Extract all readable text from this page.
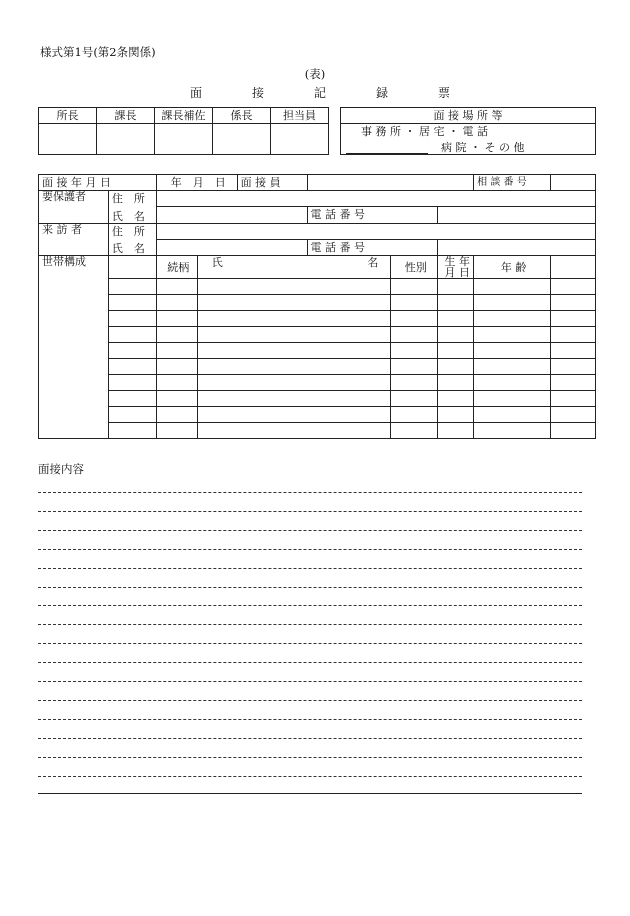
様式第1号(第2条関係)
(表)
面	接	記	録	票
所長	課長	課長補佐	係長	担当員
					面 接 場 所 等

事 務 所 ・ 居 宅 ・ 電 話
病 院 ・ そ の 他
面 接 年 月 日		年　月　日		面 接 員				相 談 番 号	
要保護者	住　所								
	氏　名				電 話 番 号				
来 訪 者	住　所								
	氏　名				電 話 番 号				
世帯構成		続柄	氏 名			性別	生 年 月 日	年 齢	

面接内容
